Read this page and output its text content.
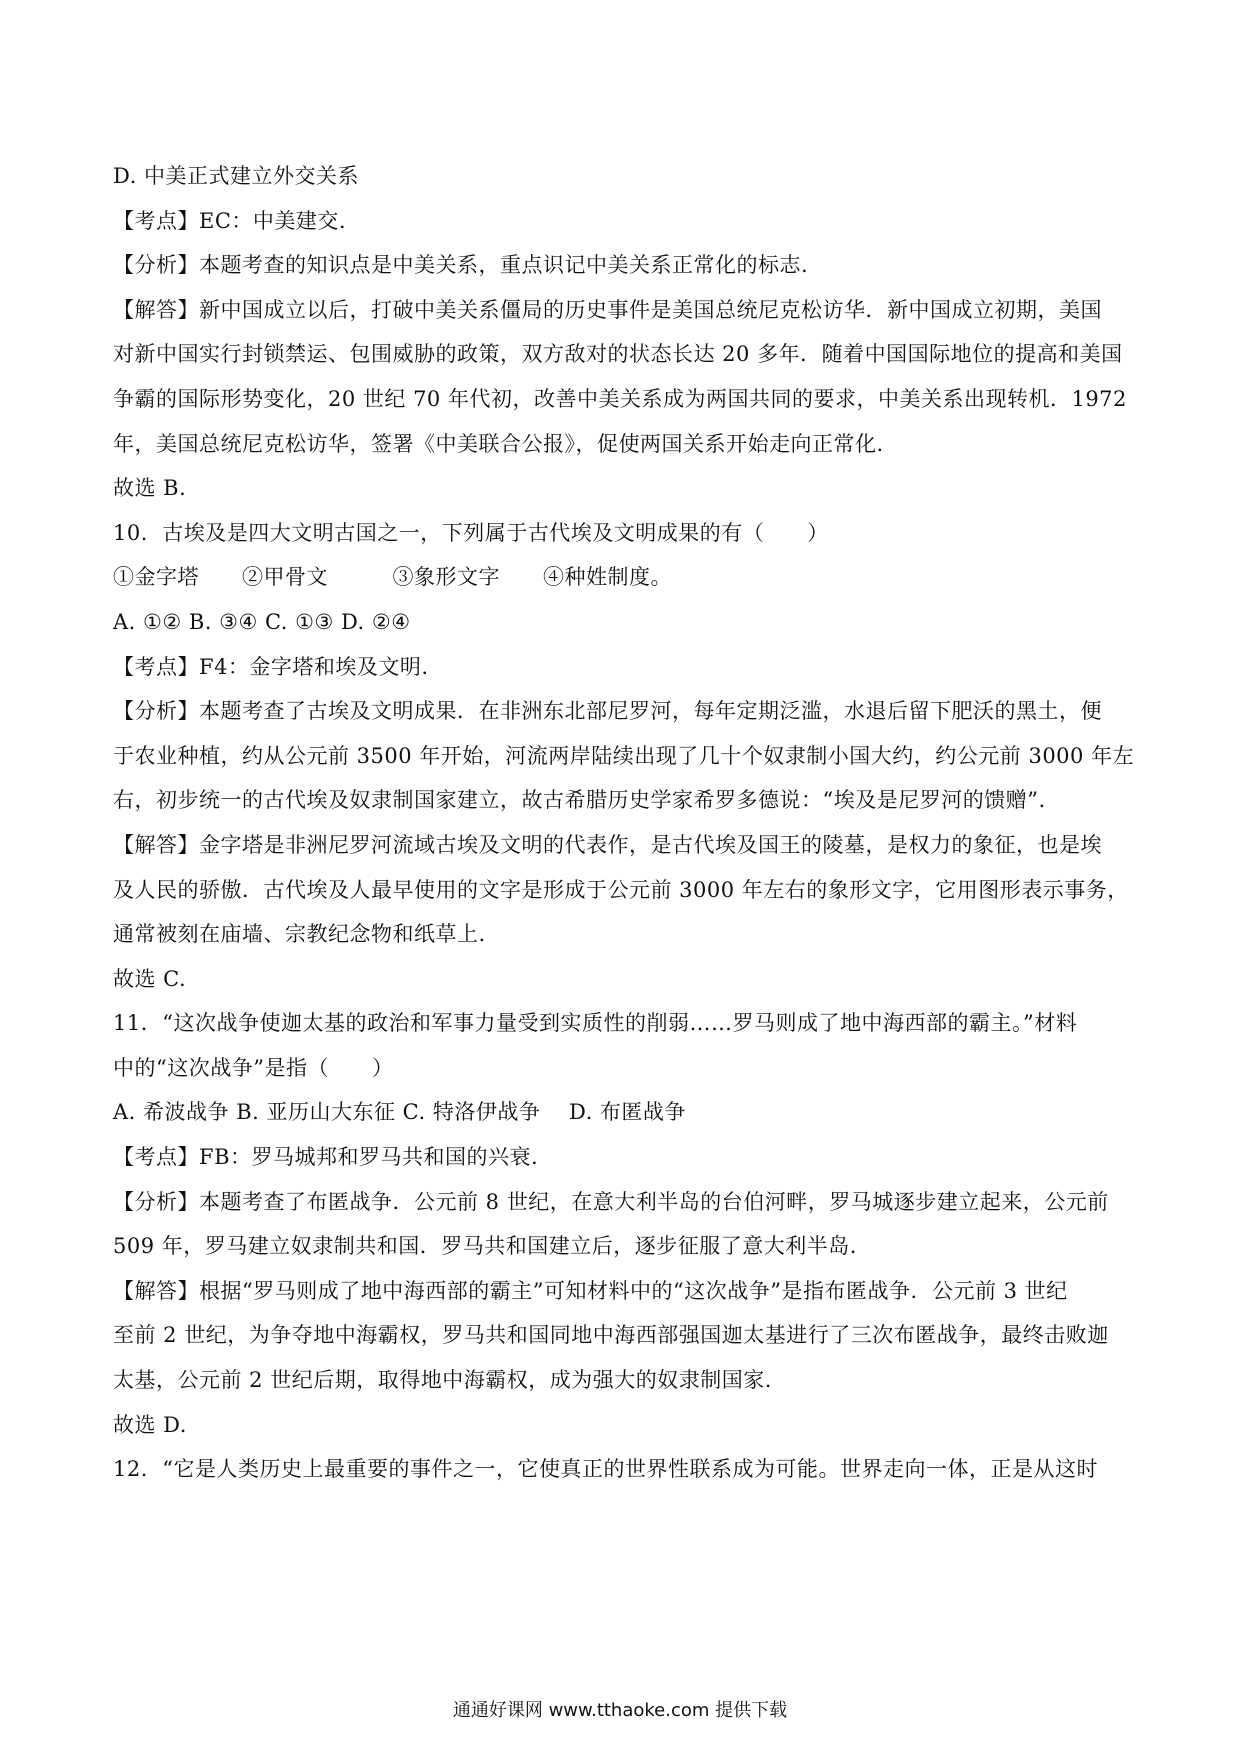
D. 中美正式建立外交关系
【考点】EC：中美建交.
【分析】本题考查的知识点是中美关系，重点识记中美关系正常化的标志.
【解答】新中国成立以后，打破中美关系僵局的历史事件是美国总统尼克松访华．新中国成立初期，美国
对新中国实行封锁禁运、包围威胁的政策，双方敌对的状态长达 20 多年．随着中国国际地位的提高和美国
争霸的国际形势变化，20 世纪 70 年代初，改善中美关系成为两国共同的要求，中美关系出现转机．1972
年，美国总统尼克松访华，签署《中美联合公报》，促使两国关系开始走向正常化.
故选 B.
10．古埃及是四大文明古国之一，下列属于古代埃及文明成果的有（　　）
①金字塔　　②甲骨文　　　③象形文字　　④种姓制度。
A. ①② B. ③④ C. ①③ D. ②④
【考点】F4：金字塔和埃及文明.
【分析】本题考查了古埃及文明成果．在非洲东北部尼罗河，每年定期泛滥，水退后留下肥沃的黑土，便
于农业种植，约从公元前 3500 年开始，河流两岸陆续出现了几十个奴隶制小国大约，约公元前 3000 年左
右，初步统一的古代埃及奴隶制国家建立，故古希腊历史学家希罗多德说：“埃及是尼罗河的馈赠”.
【解答】金字塔是非洲尼罗河流域古埃及文明的代表作，是古代埃及国王的陵墓，是权力的象征，也是埃
及人民的骄傲．古代埃及人最早使用的文字是形成于公元前 3000 年左右的象形文字，它用图形表示事务，
通常被刻在庙墙、宗教纪念物和纸草上.
故选 C.
11．“这次战争使迦太基的政治和军事力量受到实质性的削弱……罗马则成了地中海西部的霸主。”材料
中的“这次战争”是指（　　）
A. 希波战争 B. 亚历山大东征 C. 特洛伊战争　 D. 布匿战争
【考点】FB：罗马城邦和罗马共和国的兴衰.
【分析】本题考查了布匿战争．公元前 8 世纪，在意大利半岛的台伯河畔，罗马城逐步建立起来，公元前
509 年，罗马建立奴隶制共和国．罗马共和国建立后，逐步征服了意大利半岛.
【解答】根据“罗马则成了地中海西部的霸主”可知材料中的“这次战争”是指布匿战争．公元前 3 世纪
至前 2 世纪，为争夺地中海霸权，罗马共和国同地中海西部强国迦太基进行了三次布匿战争，最终击败迦
太基，公元前 2 世纪后期，取得地中海霸权，成为强大的奴隶制国家.
故选 D.
12．“它是人类历史上最重要的事件之一，它使真正的世界性联系成为可能。世界走向一体，正是从这时
通通好课网 www.tthaoke.com 提供下载
